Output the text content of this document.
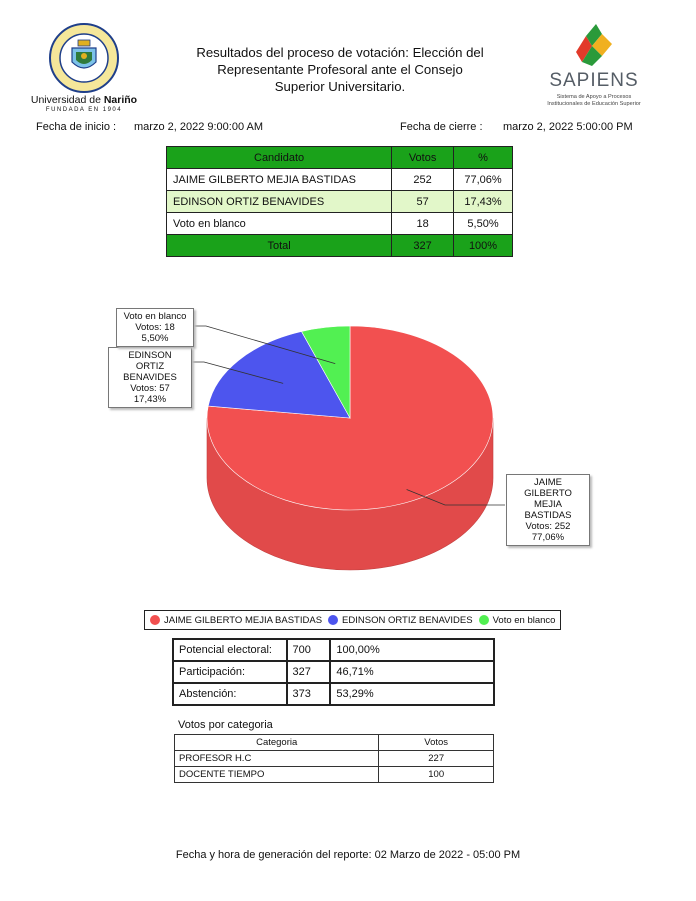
Universidad de Nariño
FUNDADA EN 1904
Resultados del proceso de votación: Elección del
Representante Profesoral ante el Consejo
Superior Universitario.	SAPIENS
Sistema de Apoyo a Procesos
Institucionales de Educación Superior
Fecha de inicio : marzo 2, 2022 9:00:00 AM	Fecha de cierre : marzo 2, 2022 5:00:00 PM
Candidato	Votos	%
JAIME GILBERTO MEJIA BASTIDAS	252	77,06%
EDINSON ORTIZ BENAVIDES	57	17,43%
Voto en blanco	18	5,50%
Total	327	100%
JAIME
GILBERTO
MEJIA BASTIDAS
Votos: 252
77,06%
EDINSON ORTIZ
BENAVIDES
Votos: 57
17,43%
Voto en blanco
Votos: 18
5,50%
JAIME GILBERTO MEJIA BASTIDAS EDINSON ORTIZ BENAVIDES Voto en blanco
Potencial electoral:	700	100,00%
Participación:	327	46,71%
Abstención:	373	53,29%
Votos por categoria
Categoria	Votos
PROFESOR H.C	227
DOCENTE TIEMPO	100
Fecha y hora de generación del reporte: 02 Marzo de 2022 - 05:00 PM
